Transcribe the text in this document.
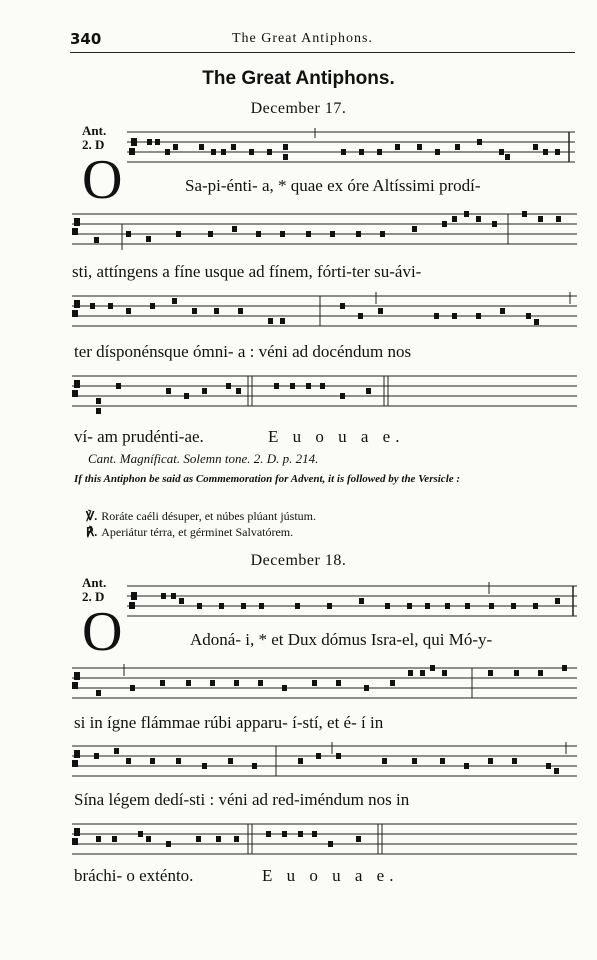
340	The Great Antiphons.
The Great Antiphons.
December 17.
Ant.
2. D
O	Sa-pi-énti- a, * quae ex óre Altíssimi prodí-
sti, attíngens a fíne usque ad fínem, fórti-ter su-ávi-
ter dísponénsque ómni- a : véni ad docéndum nos
ví- am prudénti-ae.	E u o u a e.
Cant. Magníficat. Solemn tone. 2. D. p. 214.
If this Antiphon be said as Commemoration for Advent, it is followed by the Versicle :
℣. Roráte caéli désuper, et núbes plúant jústum.
℟. Aperiátur térra, et gérminet Salvatórem.
December 18.
Ant.
2. D
O	Adoná- i, * et Dux dómus Isra-el, qui Mó-y-
si in ígne flámmae rúbi apparu- í-stí, et é- í in
Sína légem dedí-sti : véni ad red-iméndum nos in
bráchi- o exténto.	E u o u a e.
